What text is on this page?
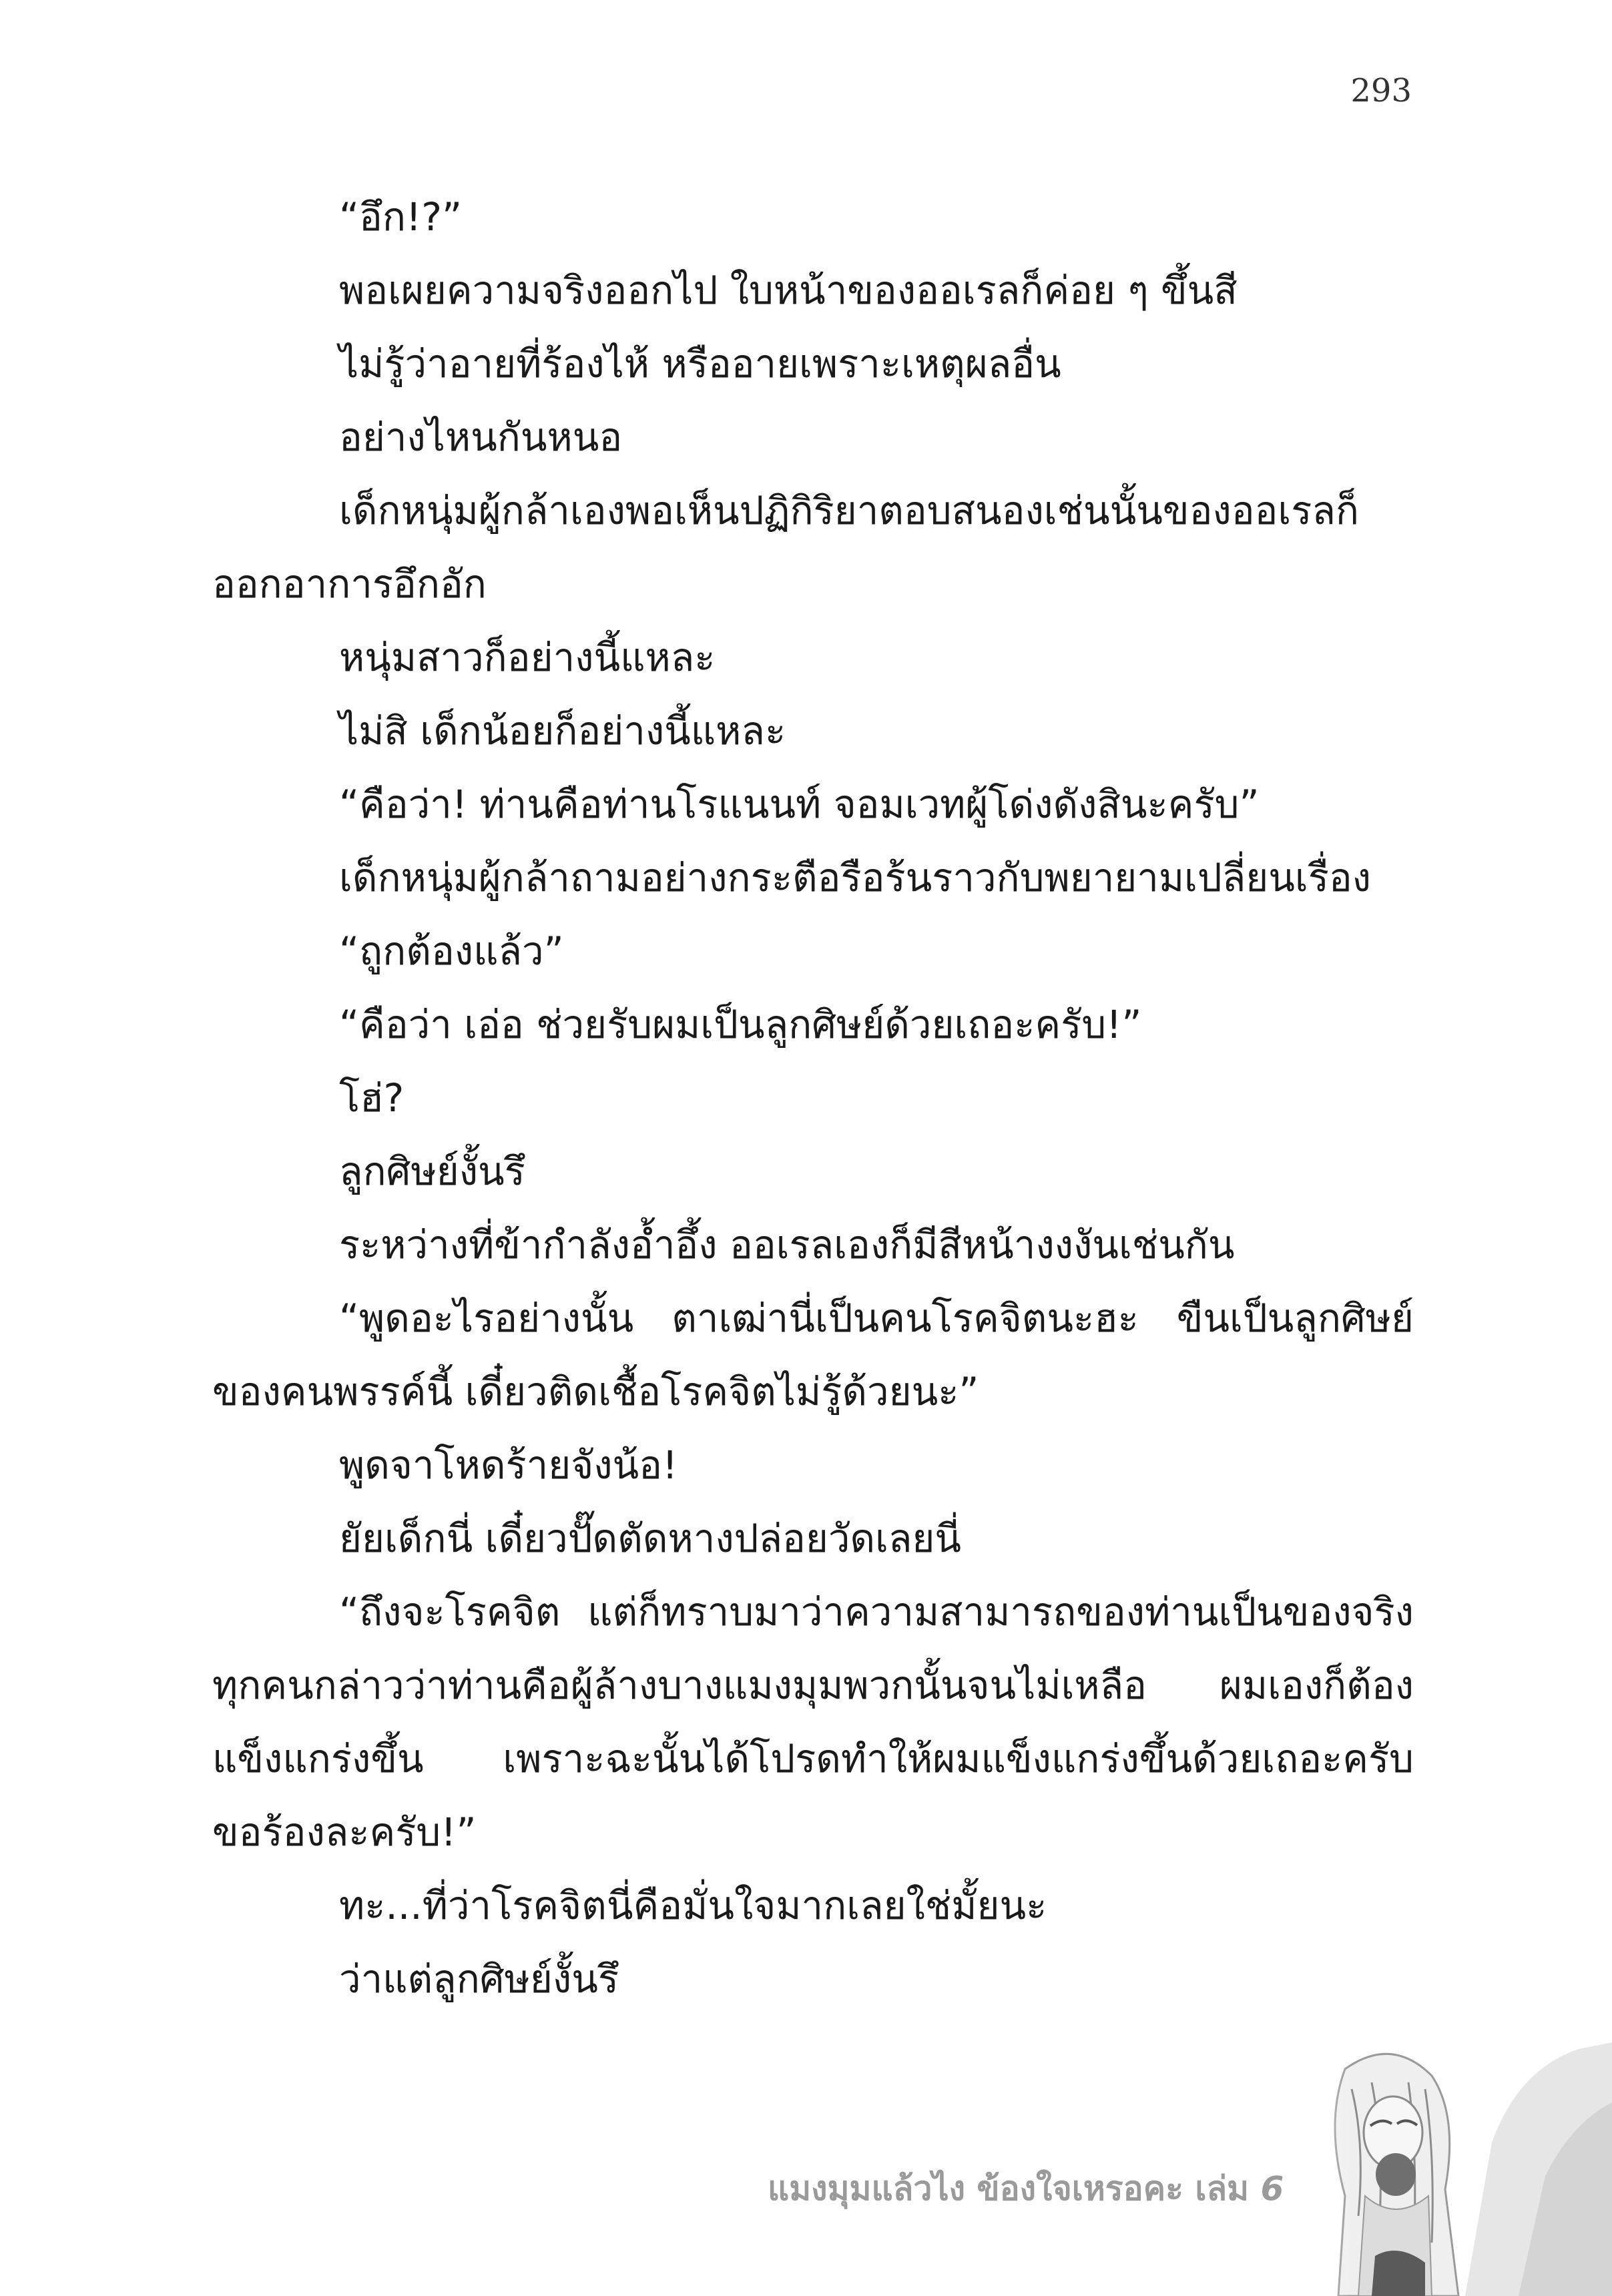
293

“อึก!?”

พอเผยความจริงออกไป ใบหน้าของออเรลก็ค่อย ๆ ขึ้นสี

ไม่รู้ว่าอายที่ร้องไห้ หรืออายเพราะเหตุผลอื่น

อย่างไหนกันหนอ

เด็กหนุ่มผู้กล้าเองพอเห็นปฏิกิริยาตอบสนองเช่นนั้นของออเรลก็ออกอาการอึกอัก

หนุ่มสาวก็อย่างนี้แหละ

ไม่สิ เด็กน้อยก็อย่างนี้แหละ

“คือว่า! ท่านคือท่านโรแนนท์ จอมเวทผู้โด่งดังสินะครับ”

เด็กหนุ่มผู้กล้าถามอย่างกระตือรือร้นราวกับพยายามเปลี่ยนเรื่อง

“ถูกต้องแล้ว”

“คือว่า เอ่อ ช่วยรับผมเป็นลูกศิษย์ด้วยเถอะครับ!”

โฮ่?

ลูกศิษย์งั้นรึ

ระหว่างที่ข้ากำลังอ้ำอึ้ง ออเรลเองก็มีสีหน้างงงันเช่นกัน

“พูดอะไรอย่างนั้น ตาเฒ่านี่เป็นคนโรคจิตนะฮะ ขืนเป็นลูกศิษย์ของคนพรรค์นี้ เดี๋ยวติดเชื้อโรคจิตไม่รู้ด้วยนะ”

พูดจาโหดร้ายจังน้อ!

ยัยเด็กนี่ เดี๋ยวปั๊ดตัดหางปล่อยวัดเลยนี่

“ถึงจะโรคจิต แต่ก็ทราบมาว่าความสามารถของท่านเป็นของจริง ทุกคนกล่าวว่าท่านคือผู้ล้างบางแมงมุมพวกนั้นจนไม่เหลือ ผมเองก็ต้องแข็งแกร่งขึ้น เพราะฉะนั้นได้โปรดทำให้ผมแข็งแกร่งขึ้นด้วยเถอะครับ ขอร้องละครับ!”

ทะ...ที่ว่าโรคจิตนี่คือมั่นใจมากเลยใช่มั้ยนะ

ว่าแต่ลูกศิษย์งั้นรึ

แมงมุมแล้วไง ข้องใจเหรอคะ เล่ม 6
